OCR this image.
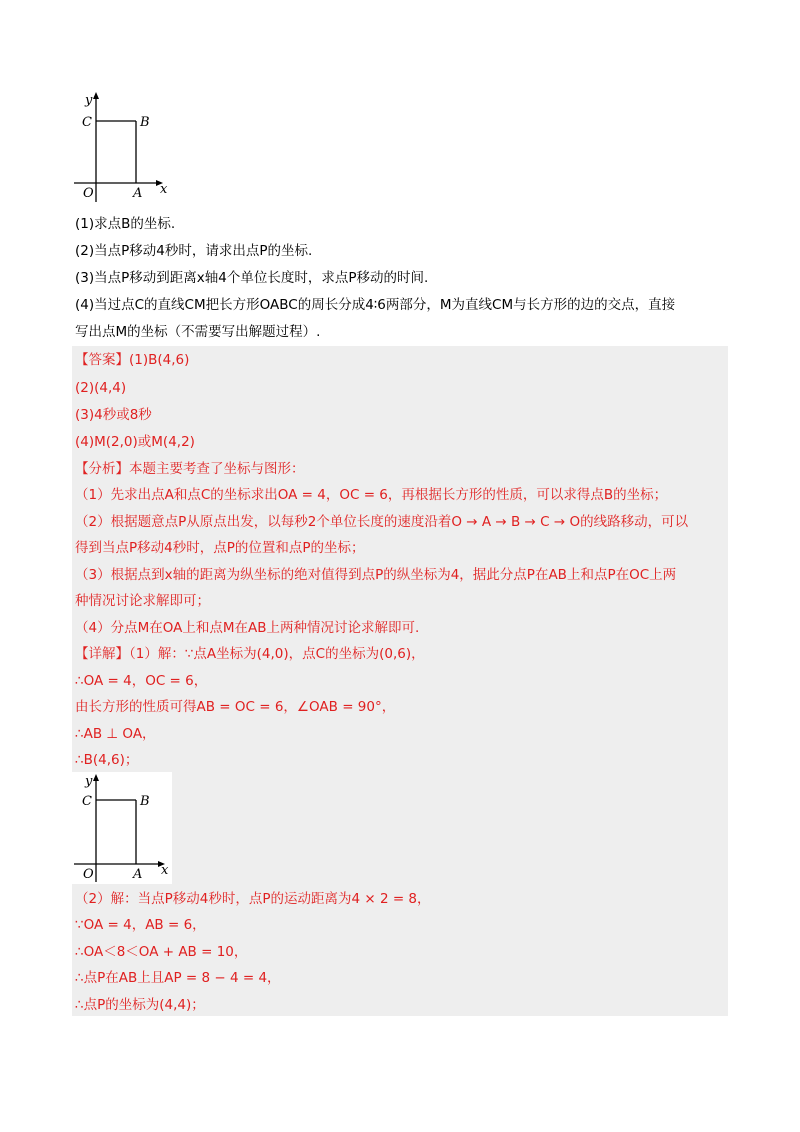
y
C	B
O	A x
(1)求点B的坐标.
(2)当点P移动4秒时，请求出点P的坐标.
(3)当点P移动到距离x轴4个单位长度时，求点P移动的时间.
(4)当过点C的直线CM把长方形OABC的周长分成4∶6两部分，M为直线CM与长方形的边的交点，直接
写出点M的坐标（不需要写出解题过程）.
【答案】(1)B(4,6)
(2)(4,4)
(3)4秒或8秒
(4)M(2,0)或M(4,2)
【分析】本题主要考查了坐标与图形：
（1）先求出点A和点C的坐标求出OA = 4，OC = 6，再根据长方形的性质，可以求得点B的坐标；
（2）根据题意点P从原点出发，以每秒2个单位长度的速度沿着O → A → B → C → O的线路移动，可以
得到当点P移动4秒时，点P的位置和点P的坐标；
（3）根据点到x轴的距离为纵坐标的绝对值得到点P的纵坐标为4，据此分点P在AB上和点P在OC上两
种情况讨论求解即可；
（4）分点M在OA上和点M在AB上两种情况讨论求解即可.
【详解】（1）解：∵点A坐标为(4,0)，点C的坐标为(0,6)，
∴OA = 4，OC = 6，
由长方形的性质可得AB = OC = 6，∠OAB = 90°，
∴AB ⊥ OA，
∴B(4,6)；
y
C	B
O	A x
（2）解：当点P移动4秒时，点P的运动距离为4 × 2 = 8，
∵OA = 4，AB = 6，
∴OA＜8＜OA + AB = 10，
∴点P在AB上且AP = 8 − 4 = 4，
∴点P的坐标为(4,4)；
